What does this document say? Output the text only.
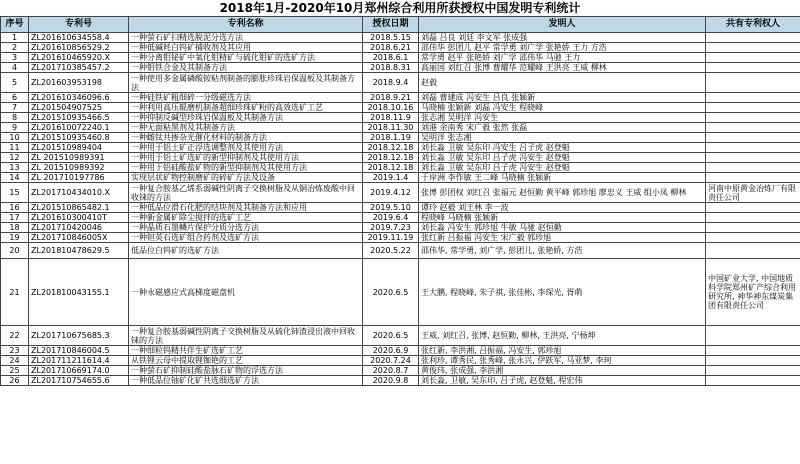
2018年1月-2020年10月郑州综合利用所获授权中国发明专利统计
序号	专利号	专利名称	授权日期	发明人	共有专利权人
1	ZL201610634558.4	一种萤石矿扫精选脱泥分选方法	2018.5.15	刘磊 吕良 刘廷 李文军 张成强	
2	ZL201610856529.2	一种低碱耗白钨矿捕收剂及其应用	2018.6.21	邵伟华 彭团儿 赵平 常学勇 刘广学 张艳娇 王力 方浩	
3	ZL201610465920.X	一种分离钼铋矿中氧化钼精矿与硫化钼矿的选矿方法	2018.6.1	常学勇 赵平 张艳娇 刘广学 邵伟华 马驰 王力	
4	ZL201710385457.2	一种钼铁合金及其制备方法	2018.8.31	高丽国 刘红召 张博 曹耀华 范耀峰 王洪亮 王威 柳林	
5	ZL201603953198	一种使用多金属磷酸铵粘剂制备的膨胀珍珠岩保温板及其制备方法	2018.9.4	赵毅	
6	ZL201610346096.6	一种硅铁矿粗细碎一分级磁选方法	2018.9.21	刘磊 曹建成 冯安生 吕良 张颖新	
7	ZL201504907525	一种利用高压辊磨机制备超细珍珠矿粉的高效选矿工艺	2018.10.16	马晓楠 张颖新 刘磊 冯安生 程晓峰	
8	ZL201510935466.5	一种抑制反碱型珍珠岩保温板及其制备方法	2018.11.9	张志湘 吴明洋 冯安生	
9	ZL201610072240.1	一种无面粘黑剂及其制备方法	2018.11.30	刘港 余南秀 宋广毅 张然 张磊	
10	ZL201510935460.8	一种雌钛共掺杂光催化材料的制备方法	2018.1.19	吴明洋 张志湘	
11	ZL201510989404	一种用于铝土矿正浮选调整剂及其使用方法	2018.12.18	刘长淼 卫敏 吴东印 冯安生 吕子虎 赵登魁	
12	ZL 201510989391	一种用于铝土矿选矿的新型抑制剂及其使用方法	2018.12.18	刘长淼 卫敏 吴东印 吕子虎 冯安生 赵登魁	
13	ZL 201510989392	一种用于铝硅酸盐矿物的新型抑制剂及其使用方法	2018.12.18	刘长淼 卫敏 吴东印 吕子虎 冯安生 赵登魁	
14	ZL 201710197786	实现层状矿物控制磨矿的碎矿方法及设备	2019.1.4	于岸洲 李作敏 王二峰 马晓楠 张颖新	
15	ZL201710434010.X	一种复合胺基乙烯系弱碱性阴离子交换树脂及从铜冶炼废酸中回收铼的方法	2019.4.12	张博 彭团权 刘红召 张福元 赵恒勤 黄平峰 郭珍旭 廖忠义 王威 组小凤 柳林	河南中原黄金冶炼厂有限责任公司
16	ZL201510865482.1	一种低品位滑石化肥的结块剂及其制备方法和应用	2019.5.10	谭玲 赵毅 刘王林 李一波	
17	ZL201610300410T	一种新金属矿除尘搅拌的选矿工艺	2019.6.4	程晓峰 马晓楠 张颖新	
18	ZL201710420046	一种晶质石墨鳞片保护分质分选方法	2019.7.23	刘长淼 冯安生 郭珍旭 牛敏 马驰 赵恒勤	
19	ZL201710846005X	一种钽英石选矿组合药剂及选矿方法	2019.11.19	张红新 吕振福 冯安生 宋广毅 郭珍旭	
20	ZL201810478629.5	低品位白钨矿的选矿方法	2020.5.22	邵伟华, 常学勇, 刘广学, 彭团儿, 张艳娇, 方浩	
21	ZL201810043155.1	一种永磁感应式高梯度磁盘机	2020.6.5	王大鹏, 程晓峰, 朱子祺, 张佳彬, 李琛光, 胥萌	中国矿业大学, 中国地质科学院郑州矿产综合利用研究所, 神华神东煤炭集团有限责任公司
22	ZL201710675685.3	一种复合胺基弱碱性阴离子交换树脂及从硫化铈渣浸出液中回收铼的方法	2020.6.5	王威, 刘红召, 张博, 赵恒勤, 柳林, 王洪亮, 宁杨坤	
23	ZL201710846004.5	一种细粒钨精共伴生矿选矿工艺	2020.6.9	张红新, 李洪湘, 吕振福, 冯安生, 郭珍旭	
24	ZL201711211614.4	从铁锂云母中提取锂铷铯的工艺	2020.7.24	张利珍, 谭秀民, 张秀峰, 张永兴, 伊跃军, 马亚梦, 李珂	
25	ZL201710669174.0	一种萤石矿抑制硅酸盐脉石矿物的浮选方法	2020.8.7	黄俊玮, 张成强, 李洪湘	
26	ZL201710754655.6	一种低品位铀矿化矿共选细选矿方法	2020.9.8	刘长淼, 卫敏, 吴东印, 吕子虎, 赵登魁, 程宏伟	
